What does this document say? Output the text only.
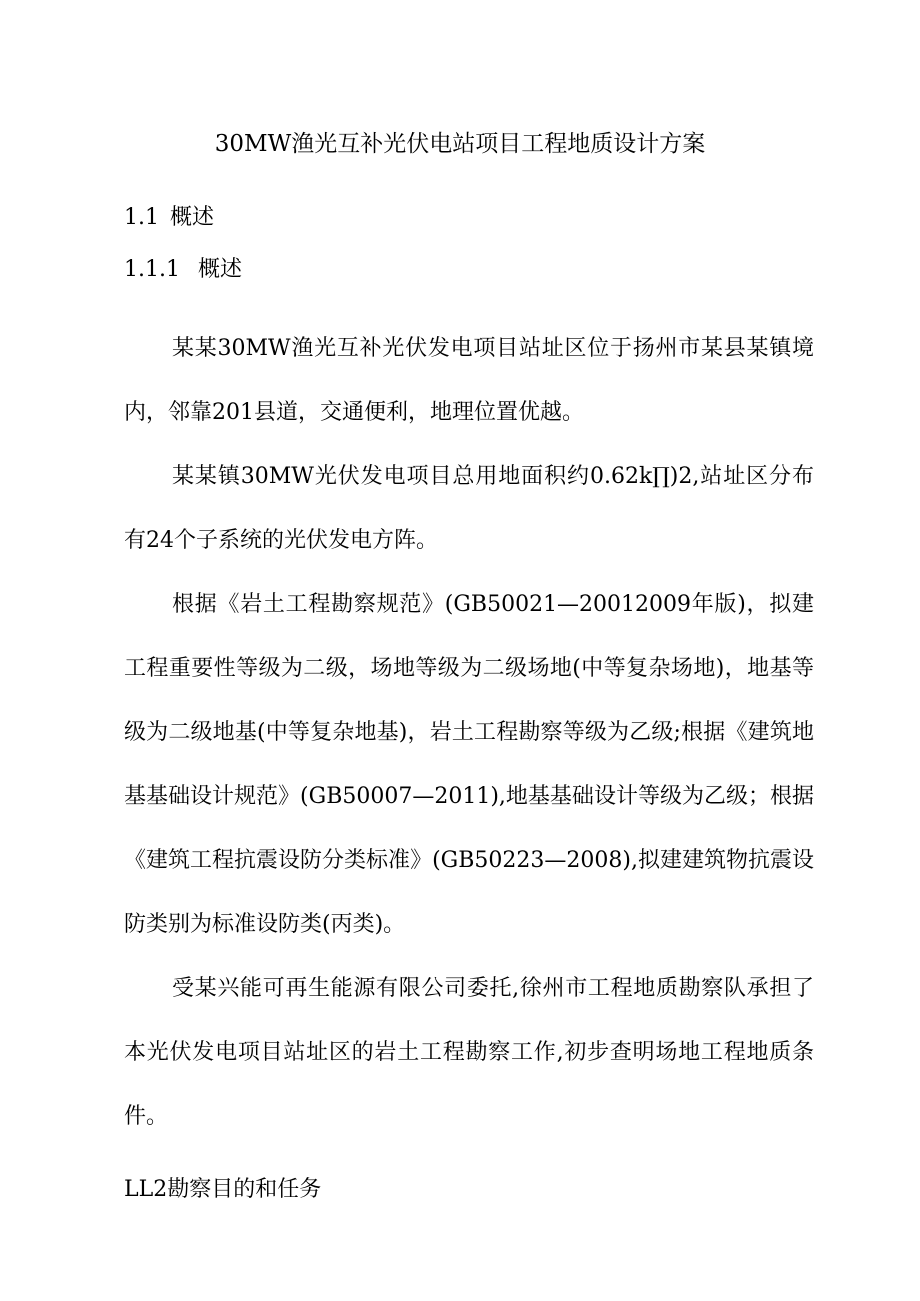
30MW渔光互补光伏电站项目工程地质设计方案
1.1 概述
1.1.1 概述

某某30MW渔光互补光伏发电项目站址区位于扬州市某县某镇境内，邻靠201县道，交通便利，地理位置优越。

某某镇30MW光伏发电项目总用地面积约0.62k∏)2,站址区分布有24个子系统的光伏发电方阵。

根据《岩土工程勘察规范》(GB50021—20012009年版)，拟建工程重要性等级为二级，场地等级为二级场地(中等复杂场地)，地基等级为二级地基(中等复杂地基)，岩土工程勘察等级为乙级;根据《建筑地基基础设计规范》(GB50007—2011),地基基础设计等级为乙级；根据《建筑工程抗震设防分类标准》(GB50223—2008),拟建建筑物抗震设防类别为标准设防类(丙类)。

受某兴能可再生能源有限公司委托,徐州市工程地质勘察队承担了本光伏发电项目站址区的岩土工程勘察工作,初步查明场地工程地质条件。

LL2勘察目的和任务
